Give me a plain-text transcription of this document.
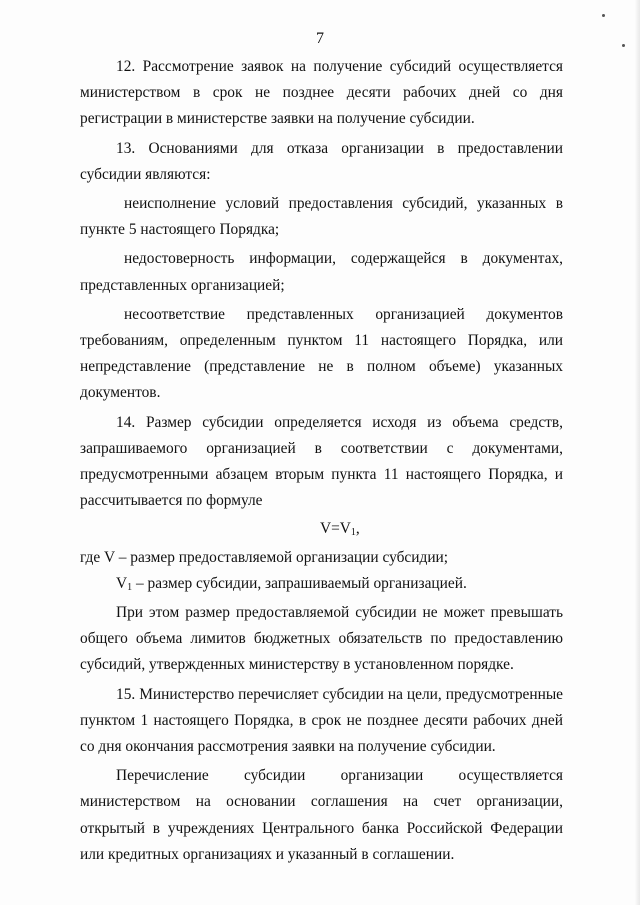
7

12. Рассмотрение заявок на получение субсидий осуществляется министерством в срок не позднее десяти рабочих дней со дня регистрации в министерстве заявки на получение субсидии.

13. Основаниями для отказа организации в предоставлении субсидии являются:

неисполнение условий предоставления субсидий, указанных в пункте 5 настоящего Порядка;

недостоверность информации, содержащейся в документах, представленных организацией;

несоответствие представленных организацией документов требованиям, определенным пунктом 11 настоящего Порядка, или непредставление (представление не в полном объеме) указанных документов.

14. Размер субсидии определяется исходя из объема средств, запрашиваемого организацией в соответствии с документами, предусмотренными абзацем вторым пункта 11 настоящего Порядка, и рассчитывается по формуле

$V=V_1$,

где V – размер предоставляемой организации субсидии;

$V_1$ – размер субсидии, запрашиваемый организацией.

При этом размер предоставляемой субсидии не может превышать общего объема лимитов бюджетных обязательств по предоставлению субсидий, утвержденных министерству в установленном порядке.

15. Министерство перечисляет субсидии на цели, предусмотренные пунктом 1 настоящего Порядка, в срок не позднее десяти рабочих дней со дня окончания рассмотрения заявки на получение субсидии.

Перечисление субсидии организации осуществляется министерством на основании соглашения на счет организации, открытый в учреждениях Центрального банка Российской Федерации или кредитных организациях и указанный в соглашении.
